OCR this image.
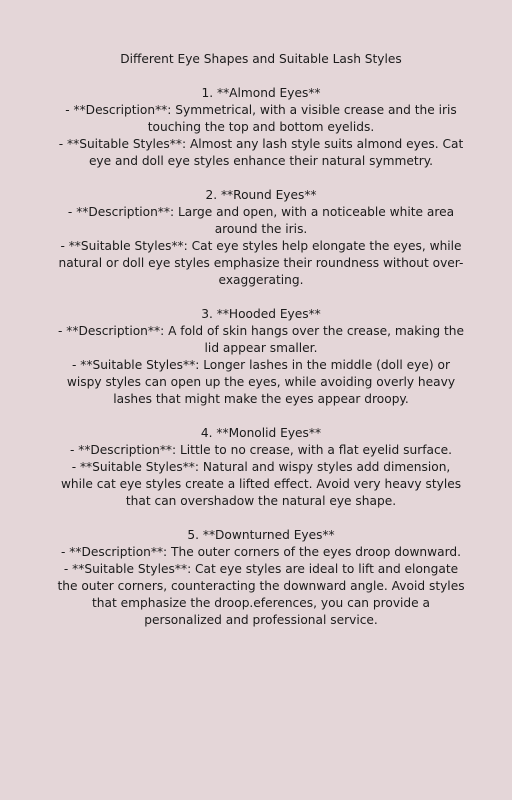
Different Eye Shapes and Suitable Lash Styles

1. **Almond Eyes**

- **Description**: Symmetrical, with a visible crease and the iris touching the top and bottom eyelids.

- **Suitable Styles**: Almost any lash style suits almond eyes. Cat eye and doll eye styles enhance their natural symmetry.

2. **Round Eyes**

- **Description**: Large and open, with a noticeable white area around the iris.

- **Suitable Styles**: Cat eye styles help elongate the eyes, while natural or doll eye styles emphasize their roundness without over-exaggerating.

3. **Hooded Eyes**

- **Description**: A fold of skin hangs over the crease, making the lid appear smaller.

- **Suitable Styles**: Longer lashes in the middle (doll eye) or wispy styles can open up the eyes, while avoiding overly heavy lashes that might make the eyes appear droopy.

4. **Monolid Eyes**

- **Description**: Little to no crease, with a flat eyelid surface.

- **Suitable Styles**: Natural and wispy styles add dimension, while cat eye styles create a lifted effect. Avoid very heavy styles that can overshadow the natural eye shape.

5. **Downturned Eyes**

- **Description**: The outer corners of the eyes droop downward.

- **Suitable Styles**: Cat eye styles are ideal to lift and elongate the outer corners, counteracting the downward angle. Avoid styles that emphasize the droop.eferences, you can provide a personalized and professional service.
